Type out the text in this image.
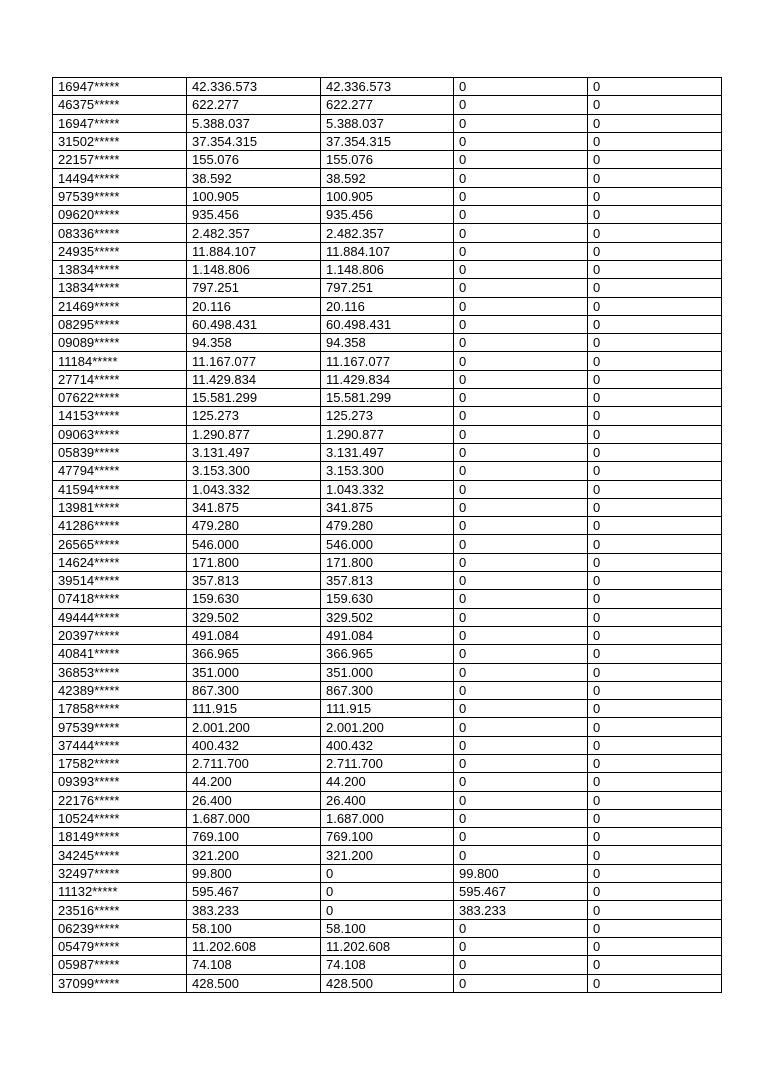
16947*****	42.336.573	42.336.573	0	0
46375*****	622.277	622.277	0	0
16947*****	5.388.037	5.388.037	0	0
31502*****	37.354.315	37.354.315	0	0
22157*****	155.076	155.076	0	0
14494*****	38.592	38.592	0	0
97539*****	100.905	100.905	0	0
09620*****	935.456	935.456	0	0
08336*****	2.482.357	2.482.357	0	0
24935*****	11.884.107	11.884.107	0	0
13834*****	1.148.806	1.148.806	0	0
13834*****	797.251	797.251	0	0
21469*****	20.116	20.116	0	0
08295*****	60.498.431	60.498.431	0	0
09089*****	94.358	94.358	0	0
11184*****	11.167.077	11.167.077	0	0
27714*****	11.429.834	11.429.834	0	0
07622*****	15.581.299	15.581.299	0	0
14153*****	125.273	125.273	0	0
09063*****	1.290.877	1.290.877	0	0
05839*****	3.131.497	3.131.497	0	0
47794*****	3.153.300	3.153.300	0	0
41594*****	1.043.332	1.043.332	0	0
13981*****	341.875	341.875	0	0
41286*****	479.280	479.280	0	0
26565*****	546.000	546.000	0	0
14624*****	171.800	171.800	0	0
39514*****	357.813	357.813	0	0
07418*****	159.630	159.630	0	0
49444*****	329.502	329.502	0	0
20397*****	491.084	491.084	0	0
40841*****	366.965	366.965	0	0
36853*****	351.000	351.000	0	0
42389*****	867.300	867.300	0	0
17858*****	111.915	111.915	0	0
97539*****	2.001.200	2.001.200	0	0
37444*****	400.432	400.432	0	0
17582*****	2.711.700	2.711.700	0	0
09393*****	44.200	44.200	0	0
22176*****	26.400	26.400	0	0
10524*****	1.687.000	1.687.000	0	0
18149*****	769.100	769.100	0	0
34245*****	321.200	321.200	0	0
32497*****	99.800	0	99.800	0
11132*****	595.467	0	595.467	0
23516*****	383.233	0	383.233	0
06239*****	58.100	58.100	0	0
05479*****	11.202.608	11.202.608	0	0
05987*****	74.108	74.108	0	0
37099*****	428.500	428.500	0	0
